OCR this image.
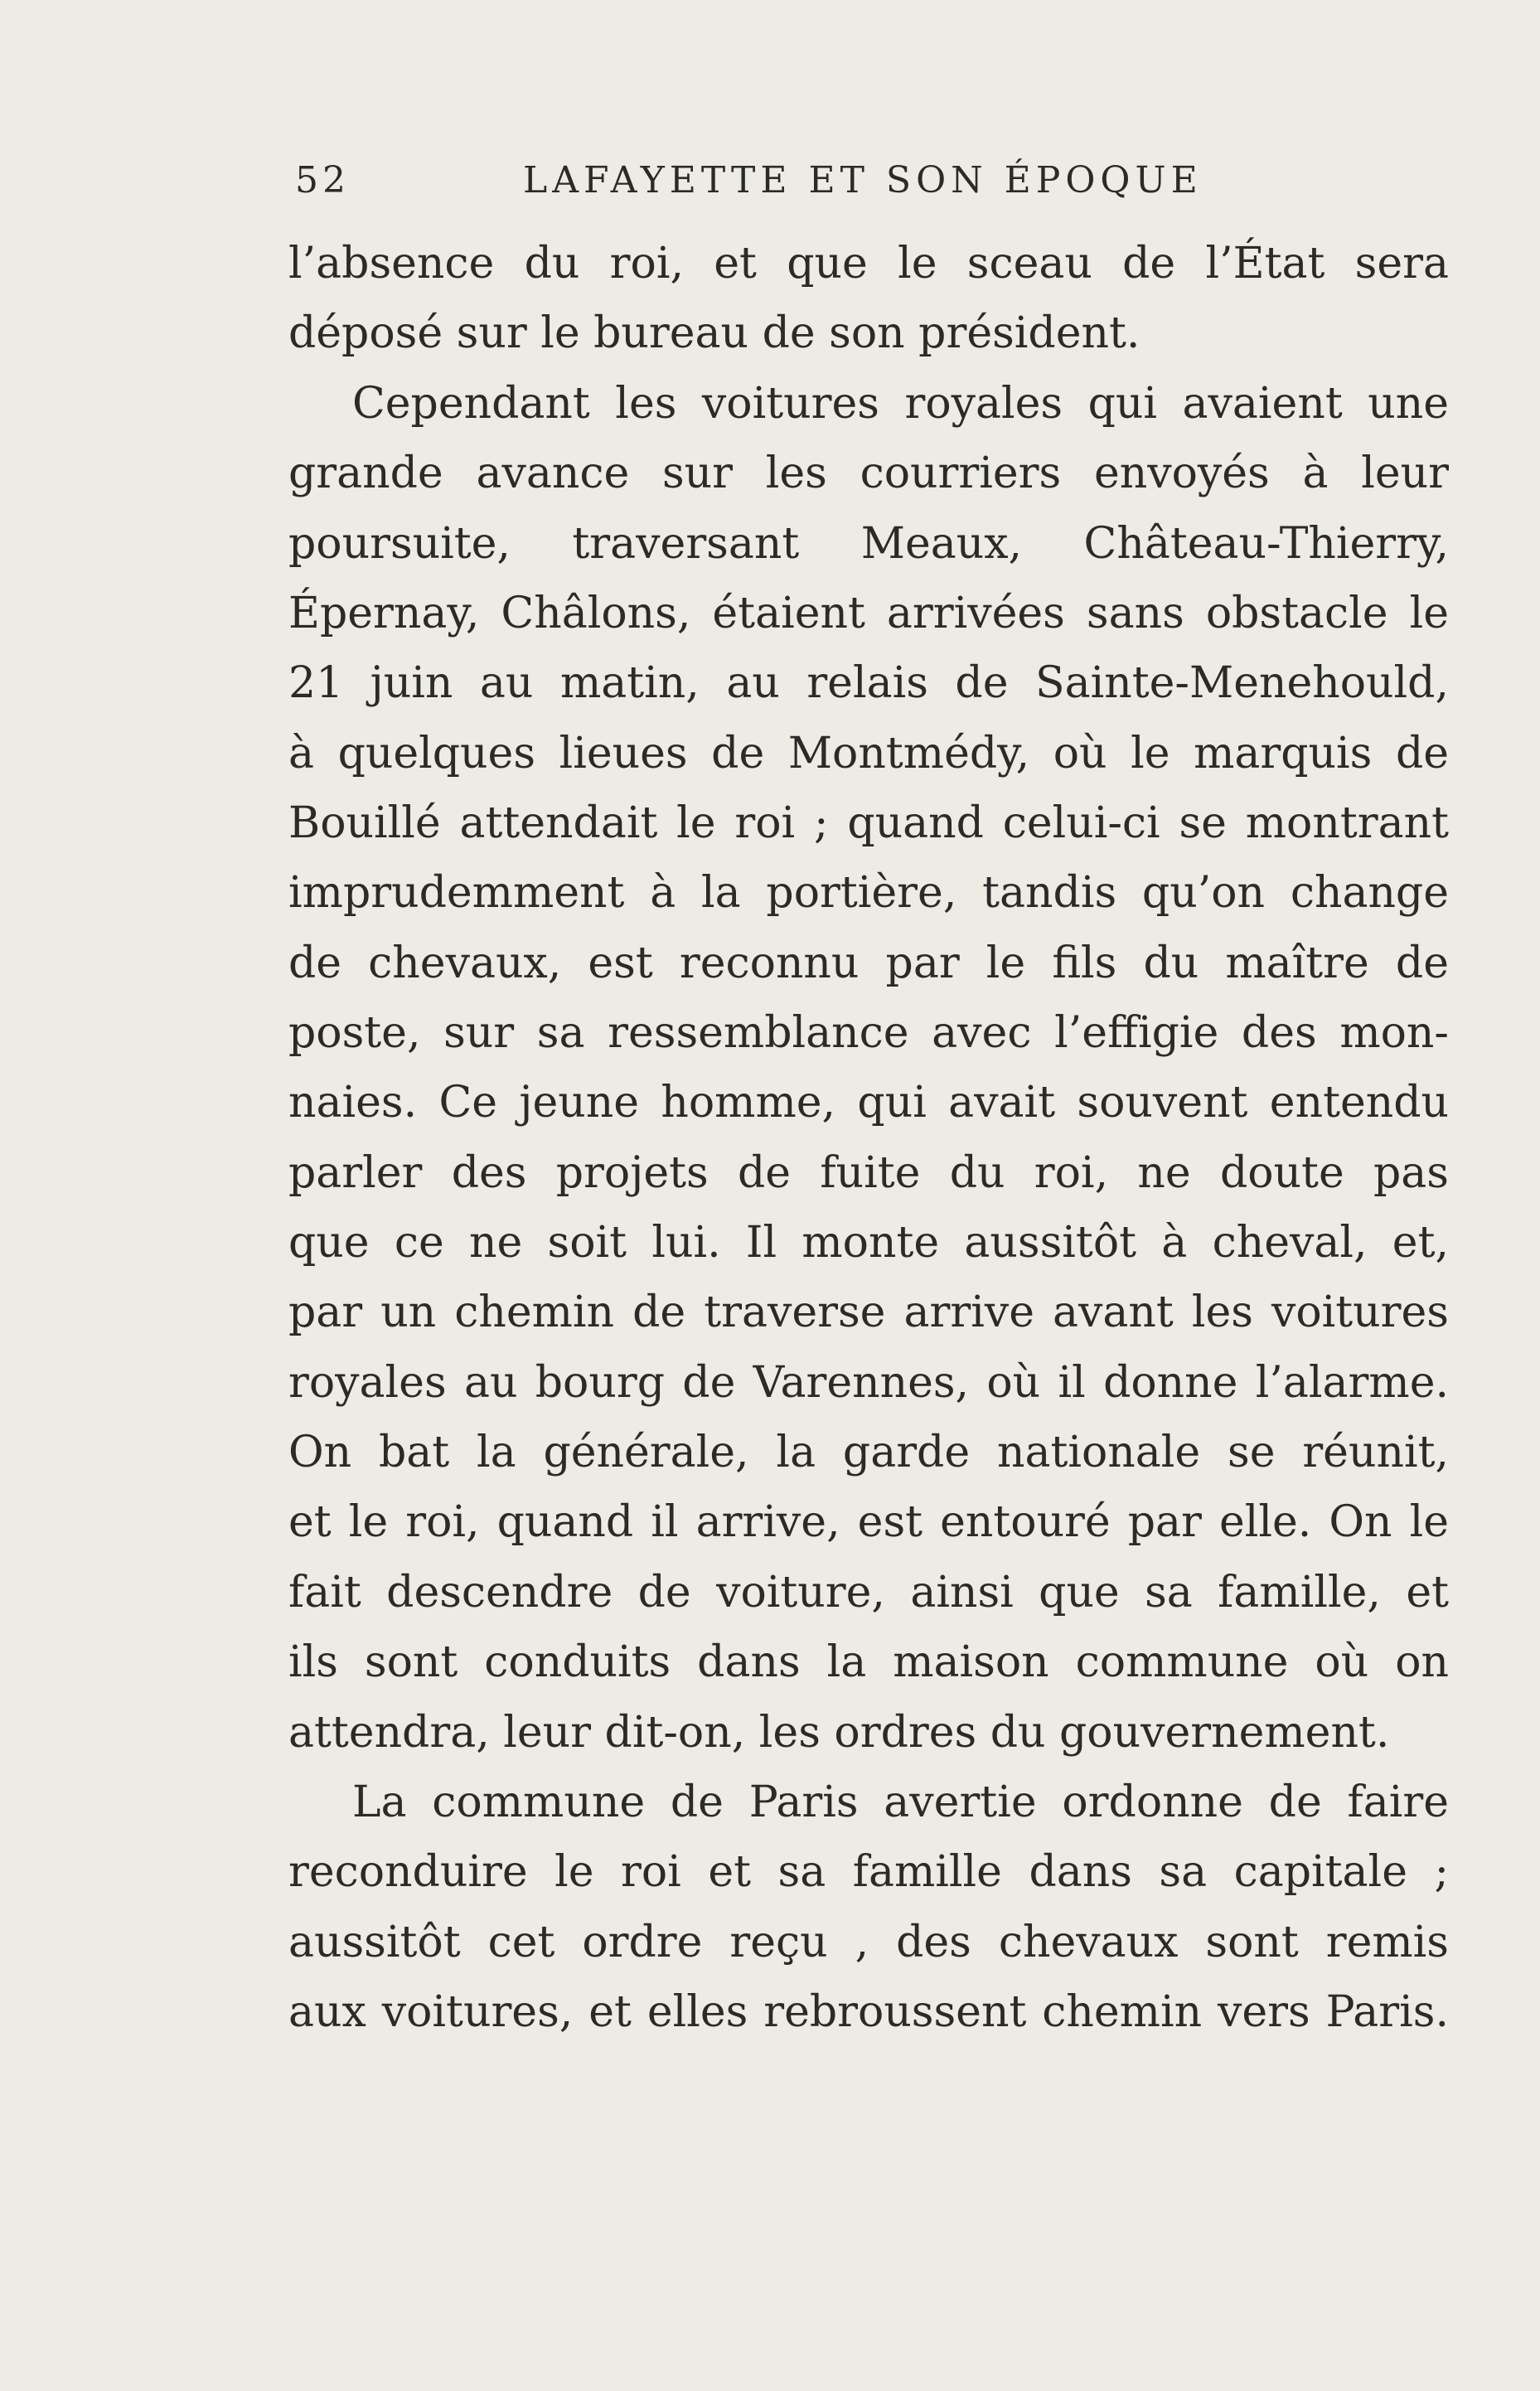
52	LAFAYETTE ET SON ÉPOQUE
l’absence du roi, et que le sceau de l’État sera
déposé sur le bureau de son président.
Cependant les voitures royales qui avaient une
grande avance sur les courriers envoyés à leur
poursuite, traversant Meaux, Château-Thierry,
Épernay, Châlons, étaient arrivées sans obstacle le
21 juin au matin, au relais de Sainte-Menehould,
à quelques lieues de Montmédy, où le marquis de
Bouillé attendait le roi ; quand celui-ci se montrant
imprudemment à la portière, tandis qu’on change
de chevaux, est reconnu par le fils du maître de
poste, sur sa ressemblance avec l’effigie des mon-
naies. Ce jeune homme, qui avait souvent entendu
parler des projets de fuite du roi, ne doute pas
que ce ne soit lui. Il monte aussitôt à cheval, et,
par un chemin de traverse arrive avant les voitures
royales au bourg de Varennes, où il donne l’alarme.
On bat la générale, la garde nationale se réunit,
et le roi, quand il arrive, est entouré par elle. On le
fait descendre de voiture, ainsi que sa famille, et
ils sont conduits dans la maison commune où on
attendra, leur dit-on, les ordres du gouvernement.
La commune de Paris avertie ordonne de faire
reconduire le roi et sa famille dans sa capitale ;
aussitôt cet ordre reçu , des chevaux sont remis
aux voitures, et elles rebroussent chemin vers Paris.
